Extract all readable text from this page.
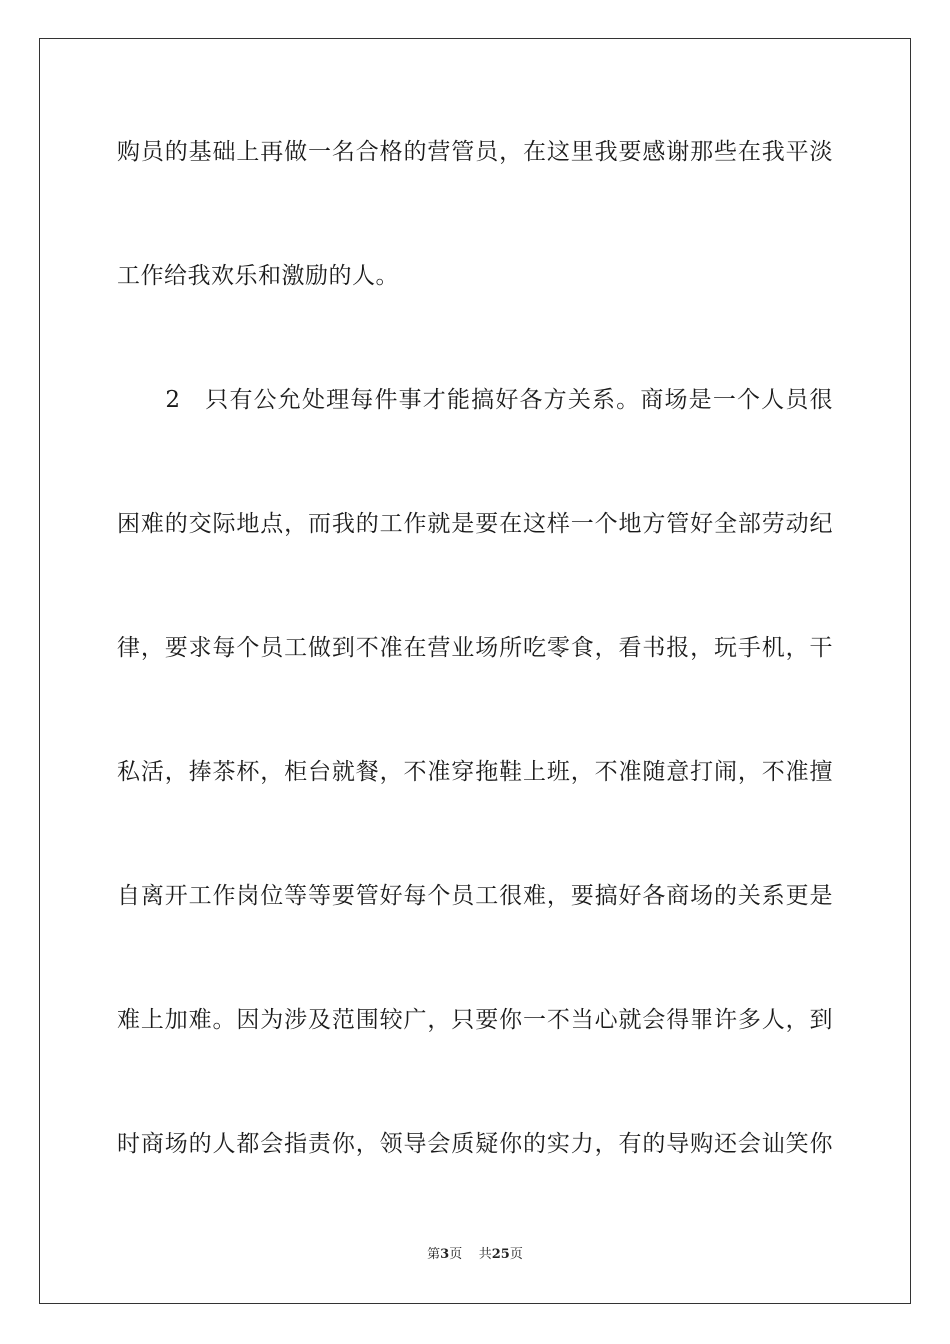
购员的基础上再做一名合格的营管员，在这里我要感谢那些在我平淡
工作给我欢乐和激励的人。
　　2　只有公允处理每件事才能搞好各方关系。商场是一个人员很
困难的交际地点，而我的工作就是要在这样一个地方管好全部劳动纪
律，要求每个员工做到不准在营业场所吃零食，看书报，玩手机，干
私活，捧茶杯，柜台就餐，不准穿拖鞋上班，不准随意打闹，不准擅
自离开工作岗位等等要管好每个员工很难，要搞好各商场的关系更是
难上加难。因为涉及范围较广，只要你一不当心就会得罪许多人，到
时商场的人都会指责你，领导会质疑你的实力，有的导购还会讪笑你
第3页 共25页
